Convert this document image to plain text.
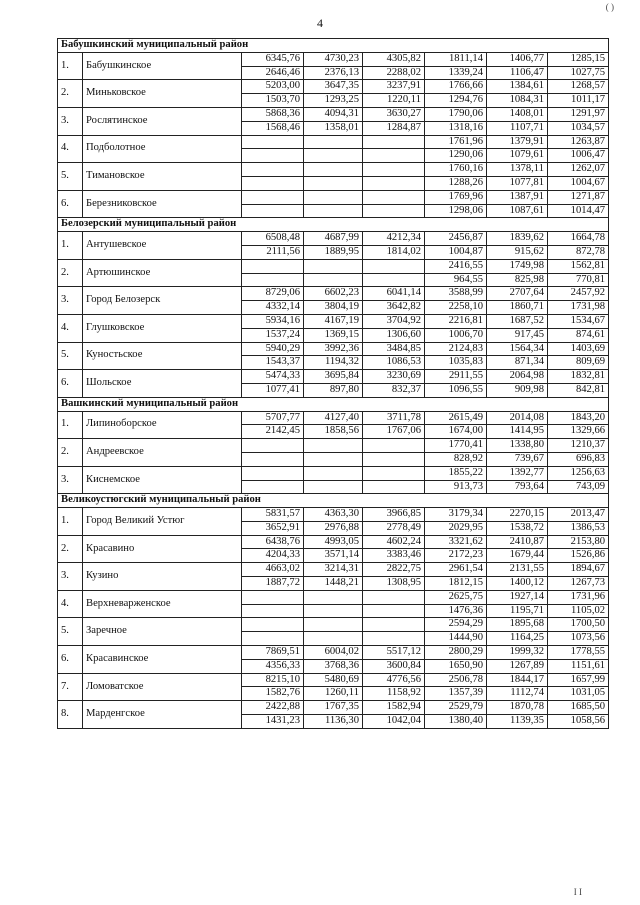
( )
4
Бабушкинский муниципальный район							
1.	Бабушкинское	6345,76	4730,23	4305,82	1811,14	1406,77	1285,15
		2646,46	2376,13	2288,02	1339,24	1106,47	1027,75
2.	Миньковское	5203,00	3647,35	3237,91	1766,66	1384,61	1268,57
		1503,70	1293,25	1220,11	1294,76	1084,31	1011,17
3.	Рослятинское	5868,36	4094,31	3630,27	1790,06	1408,01	1291,97
		1568,46	1358,01	1284,87	1318,16	1107,71	1034,57
4.	Подболотное				1761,96	1379,91	1263,87
					1290,06	1079,61	1006,47
5.	Тимановское				1760,16	1378,11	1262,07
					1288,26	1077,81	1004,67
6.	Березниковское				1769,96	1387,91	1271,87
					1298,06	1087,61	1014,47
Белозерский муниципальный район							
1.	Антушевское	6508,48	4687,99	4212,34	2456,87	1839,62	1664,78
		2111,56	1889,95	1814,02	1004,87	915,62	872,78
2.	Артюшинское				2416,55	1749,98	1562,81
					964,55	825,98	770,81
3.	Город Белозерск	8729,06	6602,23	6041,14	3588,99	2707,64	2457,92
		4332,14	3804,19	3642,82	2258,10	1860,71	1731,98
4.	Глушковское	5934,16	4167,19	3704,92	2216,81	1687,52	1534,67
		1537,24	1369,15	1306,60	1006,70	917,45	874,61
5.	Куностьское	5940,29	3992,36	3484,85	2124,83	1564,34	1403,69
		1543,37	1194,32	1086,53	1035,83	871,34	809,69
6.	Шольское	5474,33	3695,84	3230,69	2911,55	2064,98	1832,81
		1077,41	897,80	832,37	1096,55	909,98	842,81
Вашкинский муниципальный район							
1.	Липиноборское	5707,77	4127,40	3711,78	2615,49	2014,08	1843,20
		2142,45	1858,56	1767,06	1674,00	1414,95	1329,66
2.	Андреевское				1770,41	1338,80	1210,37
					828,92	739,67	696,83
3.	Киснемское				1855,22	1392,77	1256,63
					913,73	793,64	743,09
Великоустюгский муниципальный район							
1.	Город Великий Устюг	5831,57	4363,30	3966,85	3179,34	2270,15	2013,47
		3652,91	2976,88	2778,49	2029,95	1538,72	1386,53
2.	Красавино	6438,76	4993,05	4602,24	3321,62	2410,87	2153,80
		4204,33	3571,14	3383,46	2172,23	1679,44	1526,86
3.	Кузино	4663,02	3214,31	2822,75	2961,54	2131,55	1894,67
		1887,72	1448,21	1308,95	1812,15	1400,12	1267,73
4.	Верхневарженское				2625,75	1927,14	1731,96
					1476,36	1195,71	1105,02
5.	Заречное				2594,29	1895,68	1700,50
					1444,90	1164,25	1073,56
6.	Красавинское	7869,51	6004,02	5517,12	2800,29	1999,32	1778,55
		4356,33	3768,36	3600,84	1650,90	1267,89	1151,61
7.	Ломоватское	8215,10	5480,69	4776,56	2506,78	1844,17	1657,99
		1582,76	1260,11	1158,92	1357,39	1112,74	1031,05
8.	Марденгское	2422,88	1767,35	1582,94	2529,79	1870,78	1685,50
		1431,23	1136,30	1042,04	1380,40	1139,35	1058,56
I I
